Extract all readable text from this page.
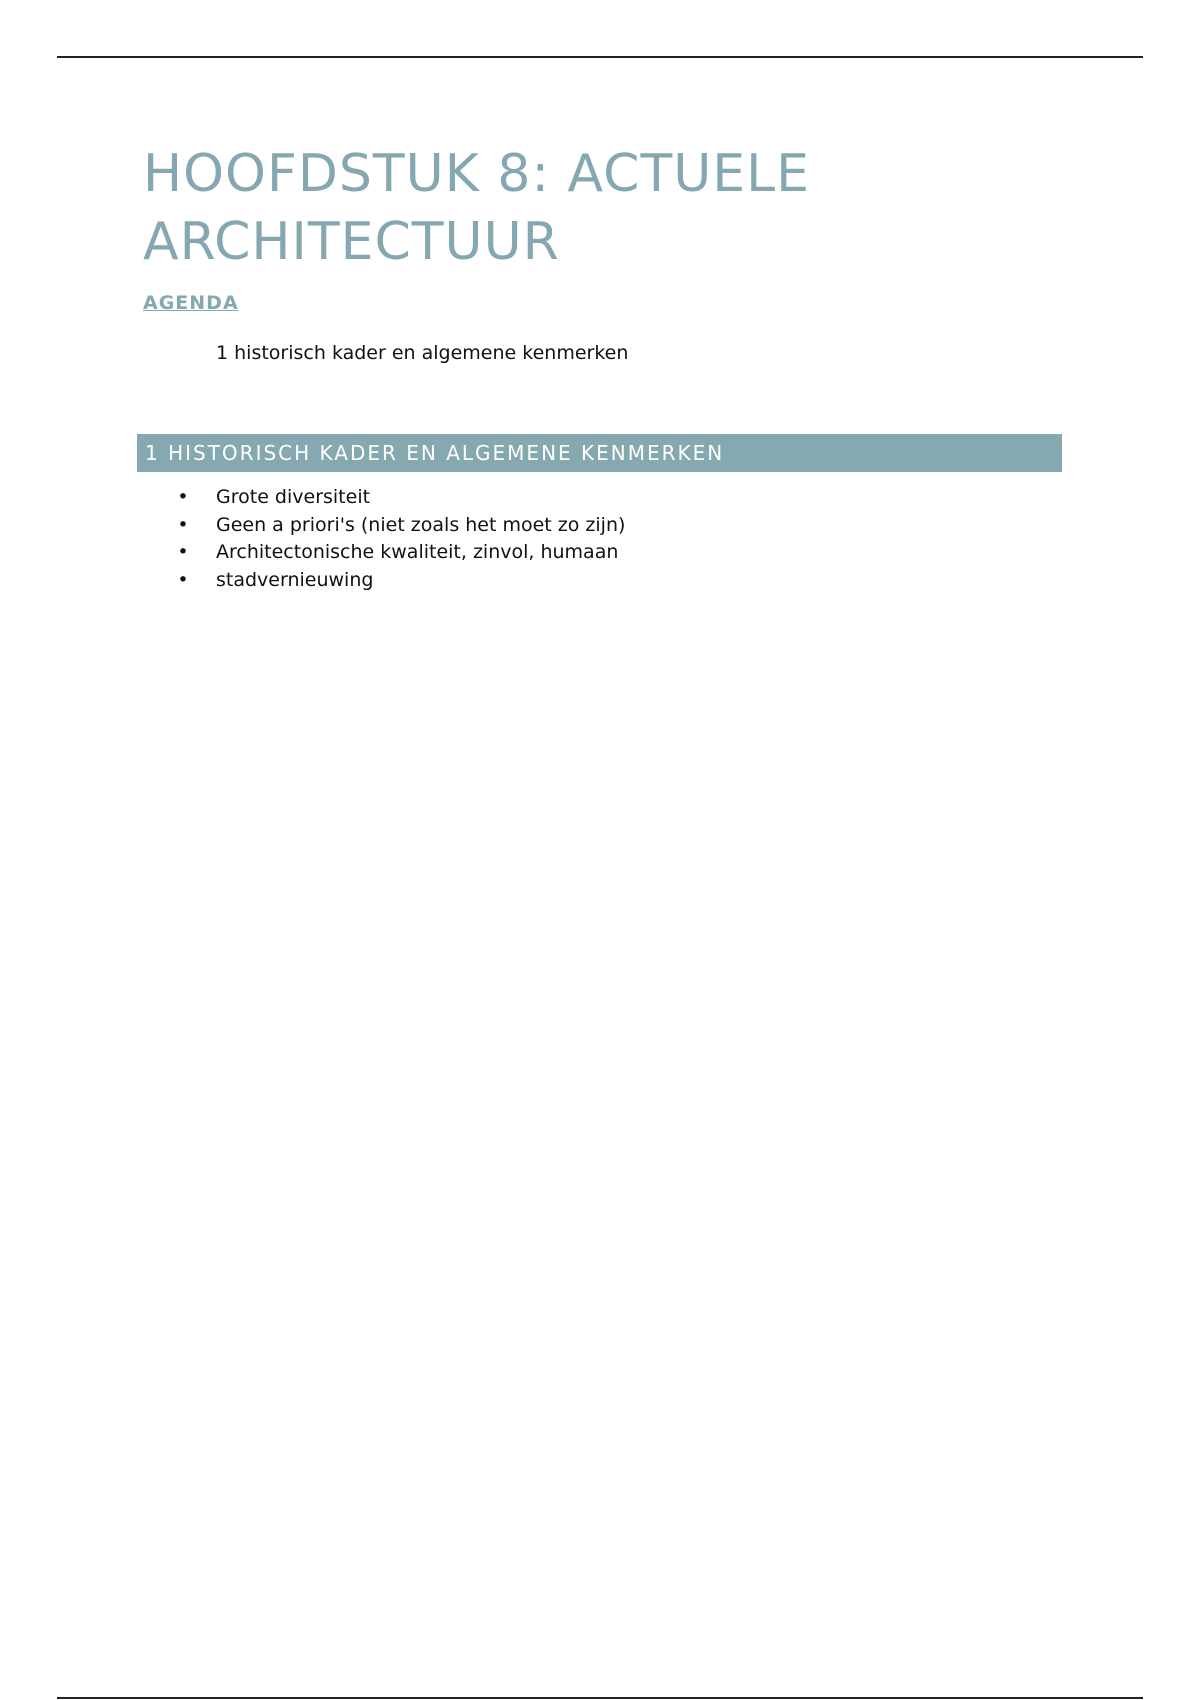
HOOFDSTUK 8: ACTUELE
ARCHITECTUUR
AGENDA
1 historisch kader en algemene kenmerken
1 HISTORISCH KADER EN ALGEMENE KENMERKEN
• Grote diversiteit
• Geen a priori's (niet zoals het moet zo zijn)
• Architectonische kwaliteit, zinvol, humaan
• stadvernieuwing
